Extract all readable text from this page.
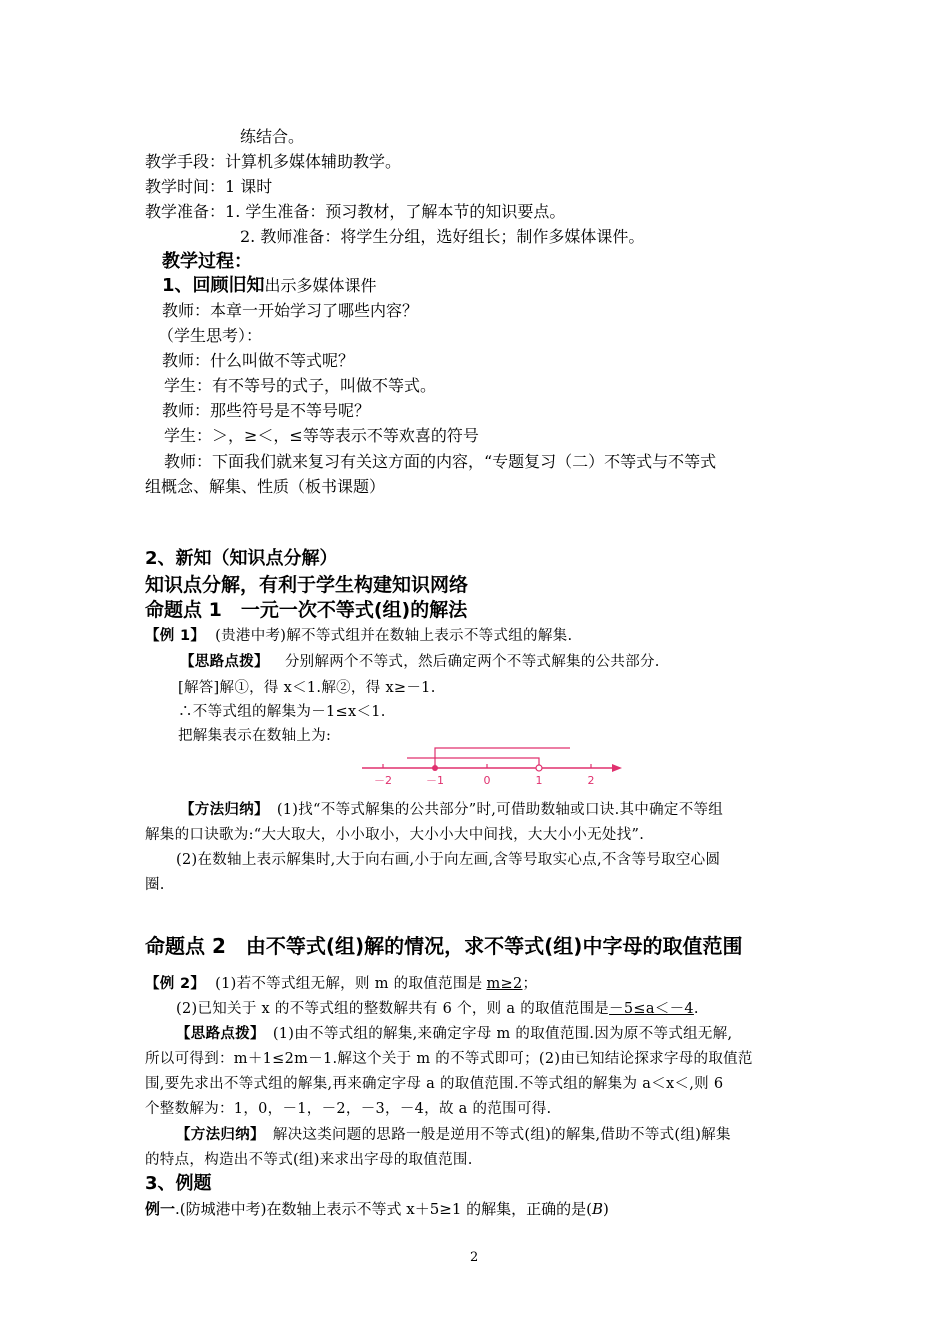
练结合。
教学手段：计算机多媒体辅助教学。
教学时间：1 课时
教学准备：1. 学生准备：预习教材，了解本节的知识要点。
2. 教师准备：将学生分组，选好组长；制作多媒体课件。
教学过程：
1、回顾旧知出示多媒体课件
教师：本章一开始学习了哪些内容？
（学生思考）：
教师：什么叫做不等式呢？
学生：有不等号的式子，叫做不等式。
教师：那些符号是不等号呢？
学生：＞，≥＜，≤等等表示不等欢喜的符号
教师：下面我们就来复习有关这方面的内容，“专题复习（二）不等式与不等式
组概念、解集、性质（板书课题）
2、新知（知识点分解）
知识点分解，有利于学生构建知识网络
命题点 1　一元一次不等式(组)的解法
【例 1】 (贵港中考)解不等式组并在数轴上表示不等式组的解集.
【思路点拨】 分别解两个不等式，然后确定两个不等式解集的公共部分.
[解答]解①，得 x＜1.解②，得 x≥－1.
∴不等式组的解集为－1≤x＜1.
把解集表示在数轴上为:
－2	－1	0	1	2
【方法归纳】 (1)找“不等式解集的公共部分”时,可借助数轴或口诀.其中确定不等组
解集的口诀歌为:“大大取大，小小取小，大小小大中间找，大大小小无处找”.
(2)在数轴上表示解集时,大于向右画,小于向左画,含等号取实心点,不含等号取空心圆
圈.
命题点 2　由不等式(组)解的情况，求不等式(组)中字母的取值范围
【例 2】 (1)若不等式组无解，则 m 的取值范围是 m≥2；
(2)已知关于 x 的不等式组的整数解共有 6 个，则 a 的取值范围是－5≤a＜－4.
【思路点拨】 (1)由不等式组的解集,来确定字母 m 的取值范围.因为原不等式组无解,
所以可得到：m＋1≤2m－1.解这个关于 m 的不等式即可；(2)由已知结论探求字母的取值范
围,要先求出不等式组的解集,再来确定字母 a 的取值范围.不等式组的解集为 a＜x＜,则 6
个整数解为：1，0，－1，－2，－3，－4，故 a 的范围可得.
【方法归纳】 解决这类问题的思路一般是逆用不等式(组)的解集,借助不等式(组)解集
的特点，构造出不等式(组)来求出字母的取值范围.
3、例题
例一.(防城港中考)在数轴上表示不等式 x＋5≥1 的解集，正确的是(B)
2
